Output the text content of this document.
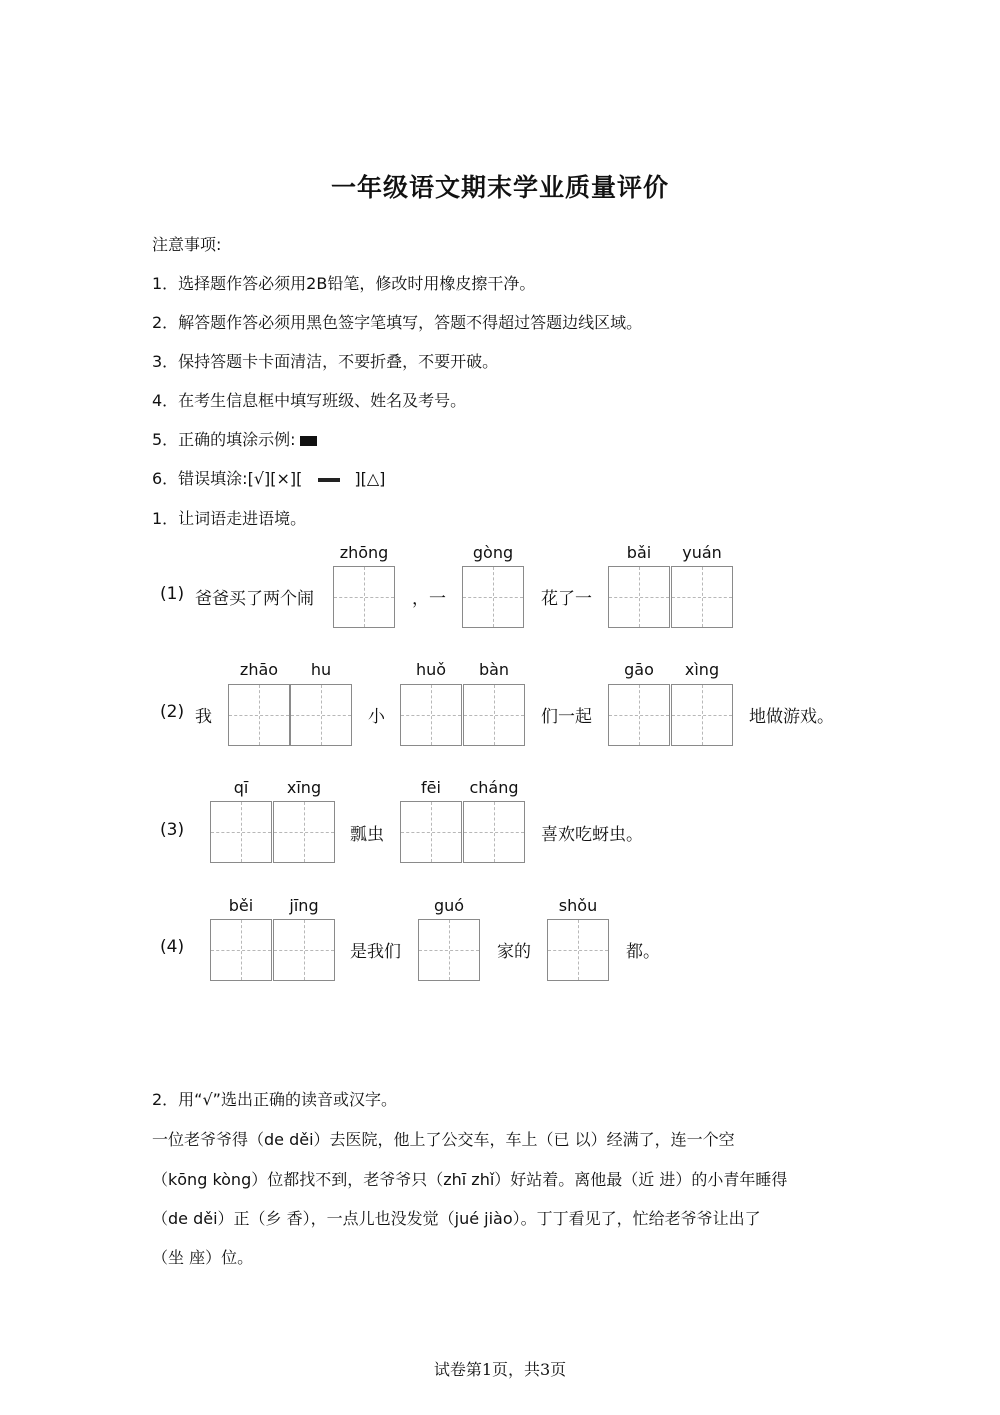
一年级语文期末学业质量评价
注意事项:
1．选择题作答必须用2B铅笔，修改时用橡皮擦干净。
2．解答题作答必须用黑色签字笔填写，答题不得超过答题边线区域。
3．保持答题卡卡面清洁，不要折叠，不要开破。
4．在考生信息框中填写班级、姓名及考号。
5．正确的填涂示例:
6．错误填涂:[√][×][	][△]
1．让词语走进语境。
(1) 爸爸买了两个闹
zhōng
，一
gòng
花了一
bǎi	yuán
(2) 我
zhāo	hu
小
huǒ	bàn
们一起
gāo	xìng
地做游戏。
(3)
qī	xīng
瓢虫
fēi	cháng
喜欢吃蚜虫。
(4)
běi	jīng
是我们
guó
家的
shǒu
都。
2．用“√”选出正确的读音或汉字。
一位老爷爷得（de děi）去医院，他上了公交车，车上（已 以）经满了，连一个空
（kōng kòng）位都找不到，老爷爷只（zhī zhǐ）好站着。离他最（近 进）的小青年睡得
（de děi）正（乡 香），一点儿也没发觉（jué jiào）。丁丁看见了，忙给老爷爷让出了
（坐 座）位。
试卷第1页，共3页
